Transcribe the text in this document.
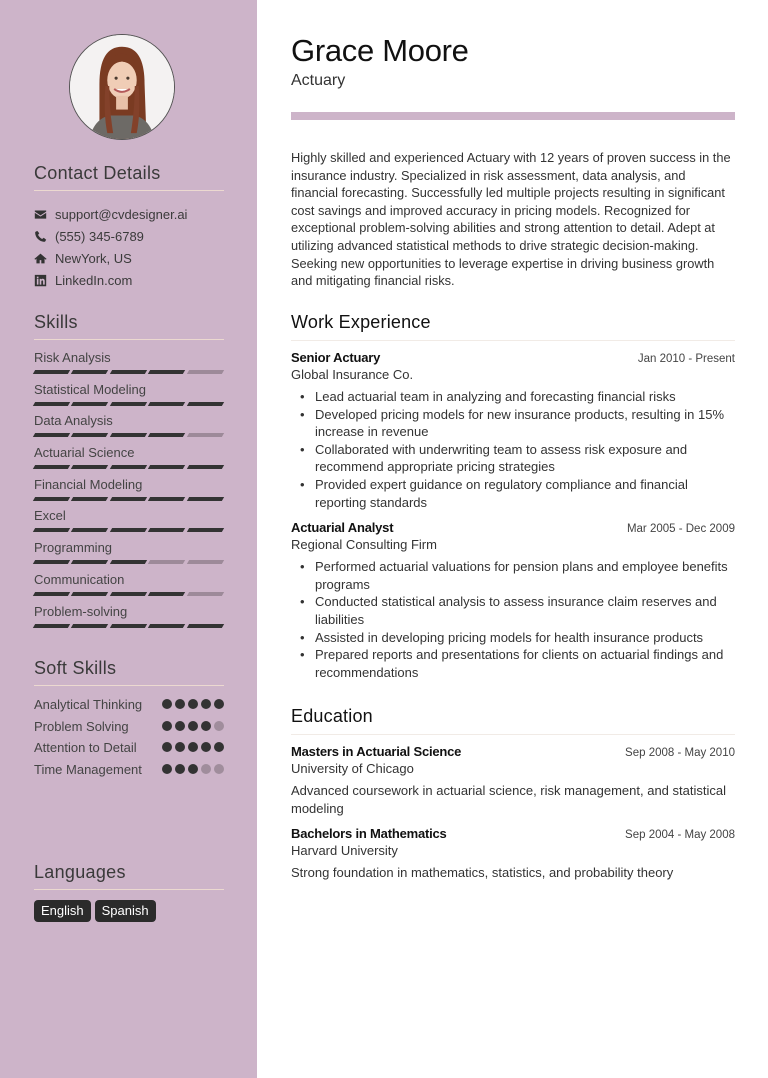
Contact Details
support@cvdesigner.ai
(555) 345-6789
NewYork, US
LinkedIn.com
Skills
Risk Analysis
Statistical Modeling
Data Analysis
Actuarial Science
Financial Modeling
Excel
Programming
Communication
Problem-solving
Soft Skills
Analytical Thinking
Problem Solving
Attention to Detail
Time Management
Languages
English	Spanish
Grace Moore
Actuary

Highly skilled and experienced Actuary with 12 years of proven success in the insurance industry. Specialized in risk assessment, data analysis, and financial forecasting. Successfully led multiple projects resulting in significant cost savings and improved accuracy in pricing models. Recognized for exceptional problem-solving abilities and strong attention to detail. Adept at utilizing advanced statistical methods to drive strategic decision-making. Seeking new opportunities to leverage expertise in driving business growth and mitigating financial risks.

Work Experience
Senior Actuary	Jan 2010 - Present
Global Insurance Co.
• Lead actuarial team in analyzing and forecasting financial risks
• Developed pricing models for new insurance products, resulting in 15% increase in revenue
• Collaborated with underwriting team to assess risk exposure and recommend appropriate pricing strategies
• Provided expert guidance on regulatory compliance and financial reporting standards
Actuarial Analyst	Mar 2005 - Dec 2009
Regional Consulting Firm
• Performed actuarial valuations for pension plans and employee benefits programs
• Conducted statistical analysis to assess insurance claim reserves and liabilities
• Assisted in developing pricing models for health insurance products
• Prepared reports and presentations for clients on actuarial findings and recommendations
Education
Masters in Actuarial Science	Sep 2008 - May 2010
University of Chicago
Advanced coursework in actuarial science, risk management, and statistical modeling
Bachelors in Mathematics	Sep 2004 - May 2008
Harvard University
Strong foundation in mathematics, statistics, and probability theory
